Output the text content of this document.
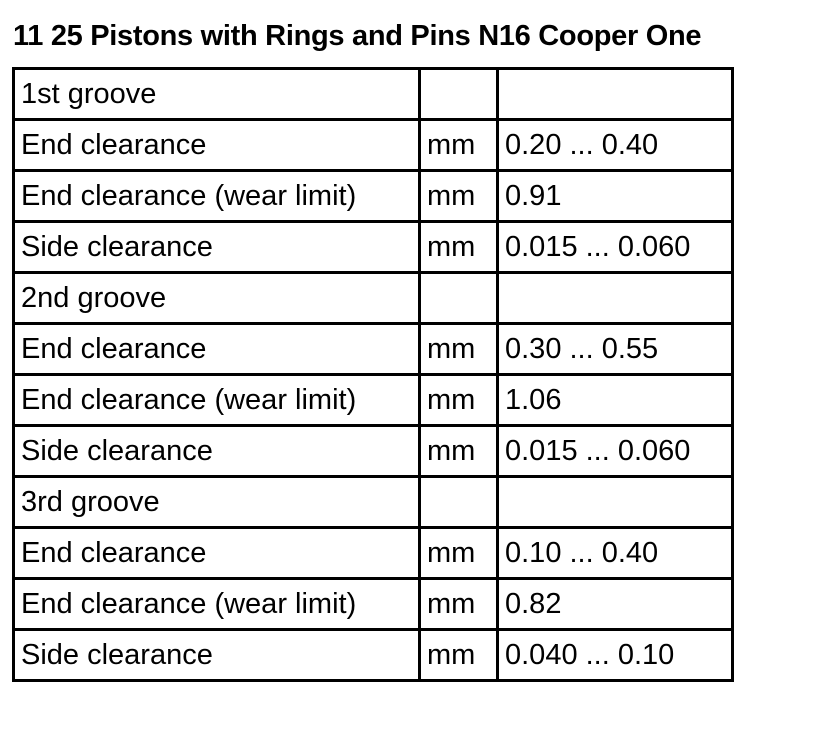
11 25 Pistons with Rings and Pins N16 Cooper One
1st groove		
End clearance	mm	0.20 ... 0.40
End clearance (wear limit)	mm	0.91
Side clearance	mm	0.015 ... 0.060
2nd groove		
End clearance	mm	0.30 ... 0.55
End clearance (wear limit)	mm	1.06
Side clearance	mm	0.015 ... 0.060
3rd groove		
End clearance	mm	0.10 ... 0.40
End clearance (wear limit)	mm	0.82
Side clearance	mm	0.040 ... 0.10
